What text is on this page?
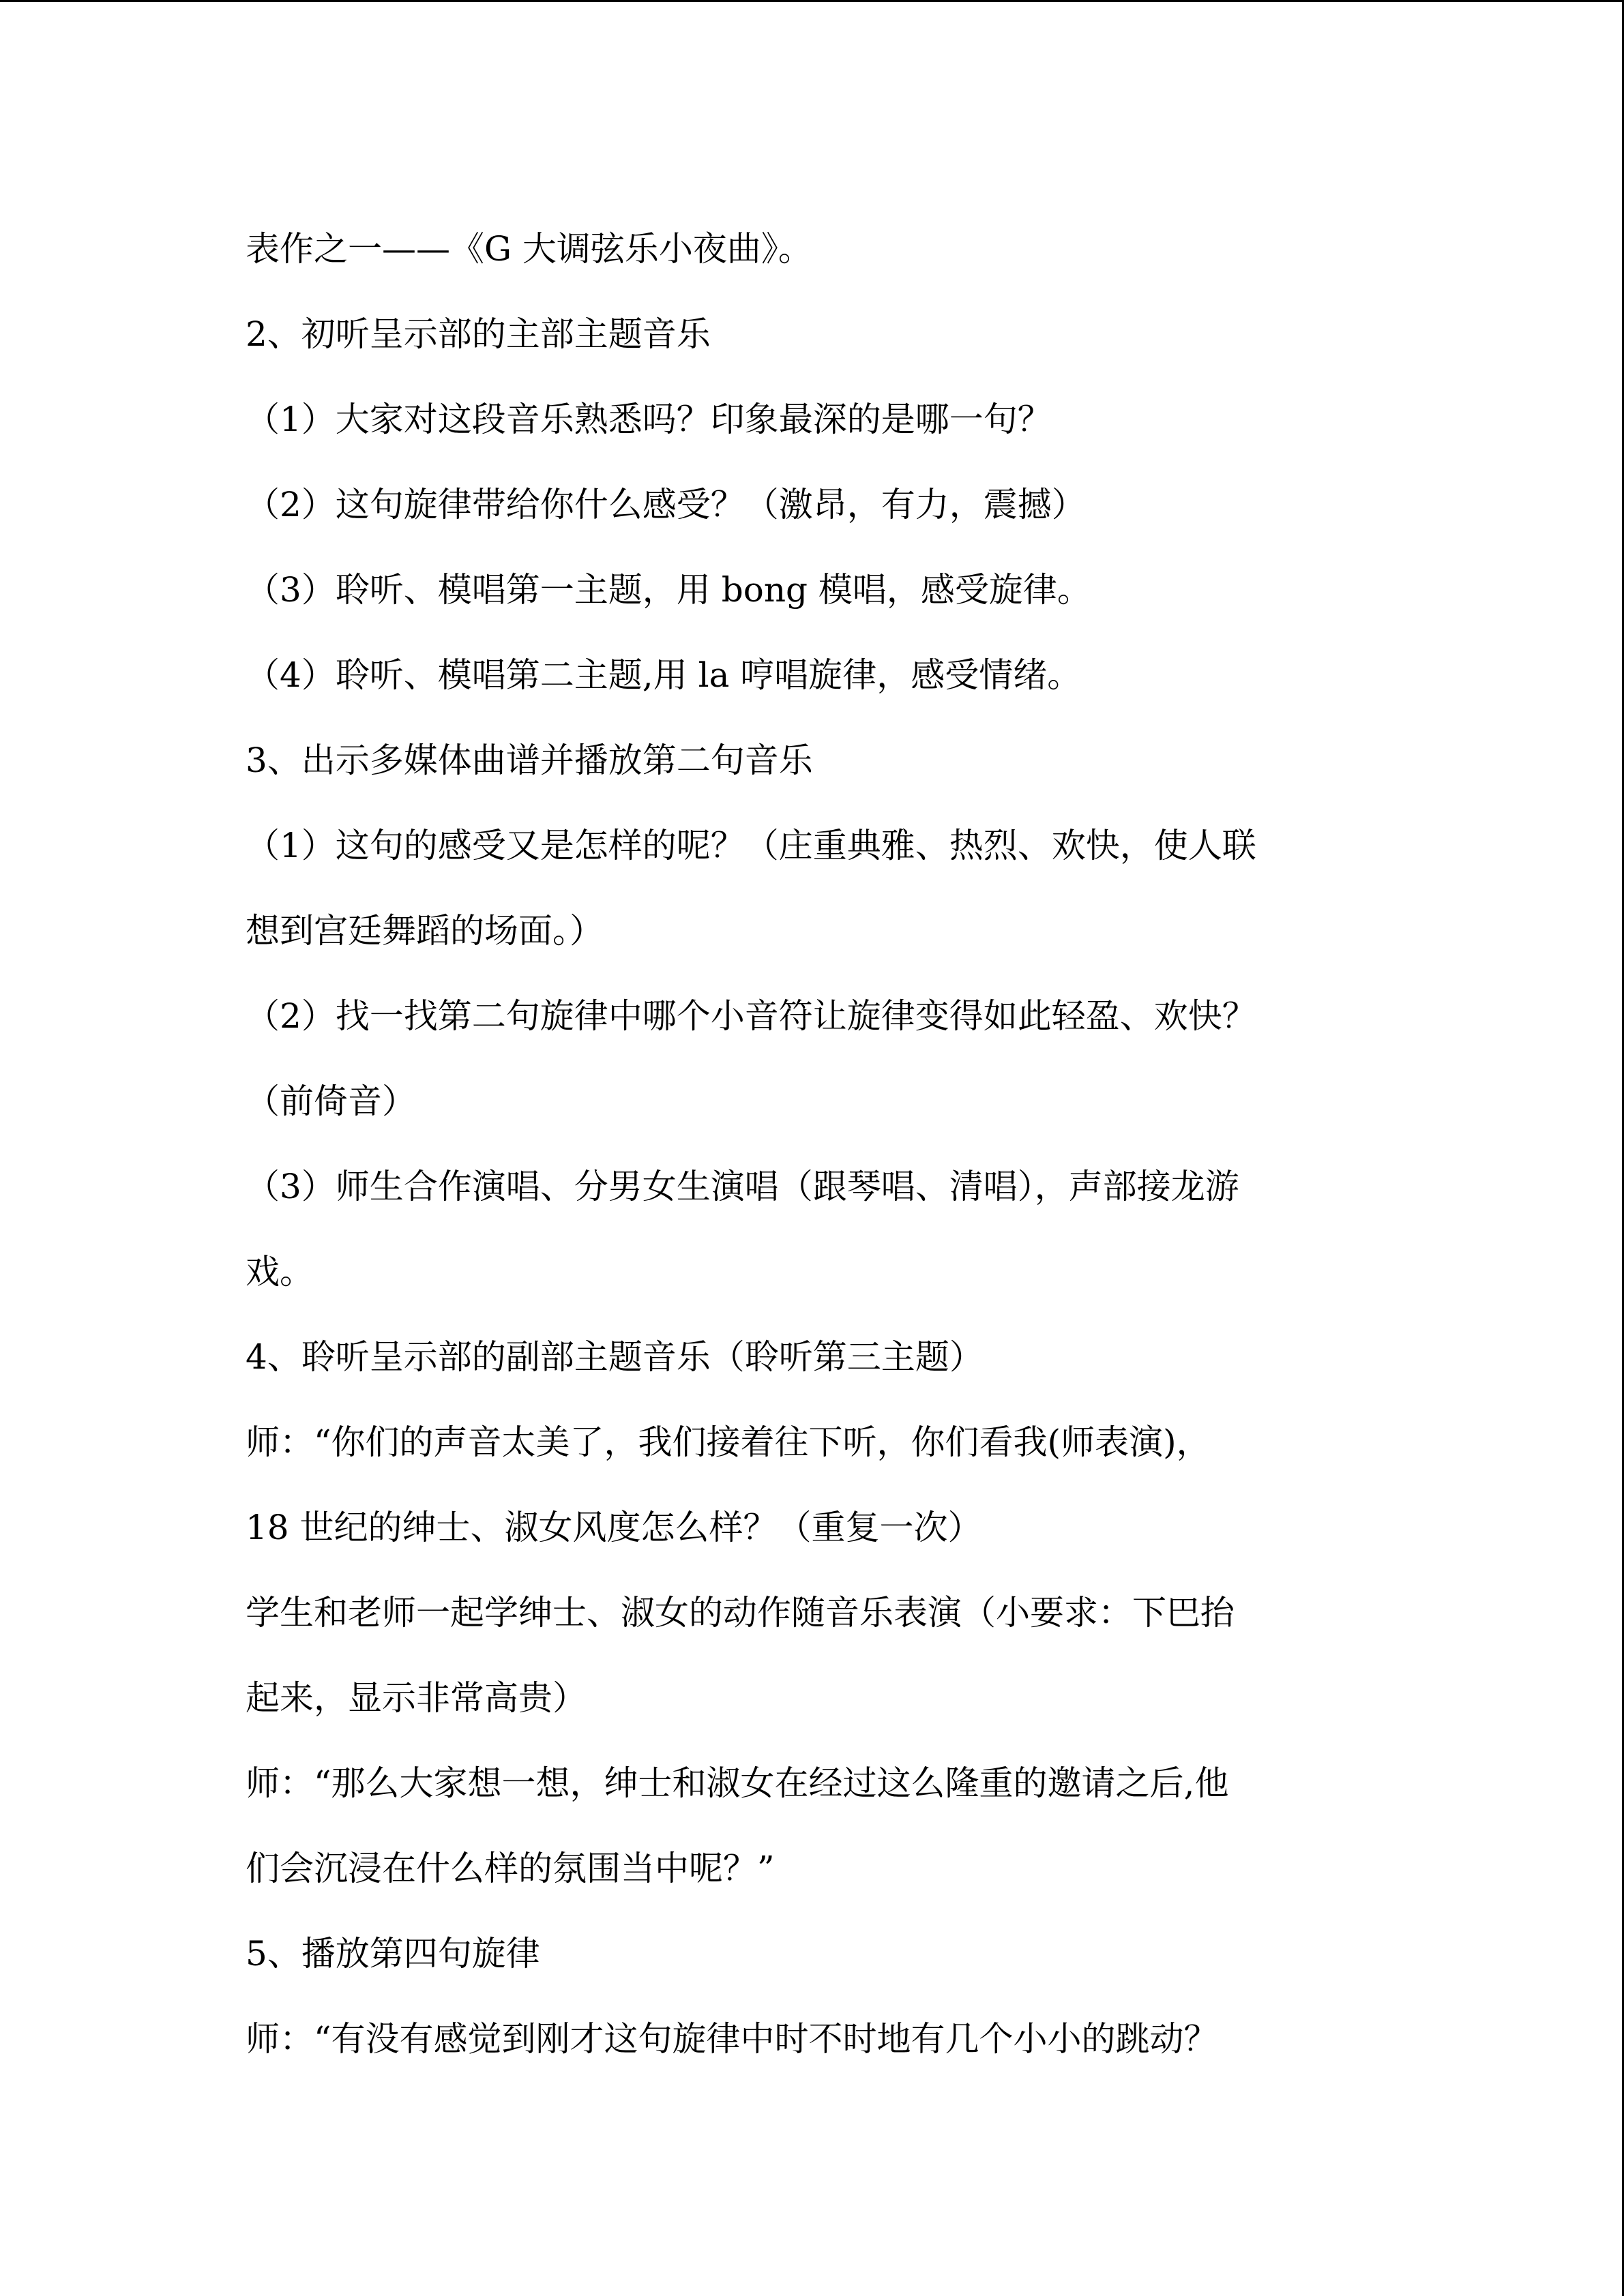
表作之一——《G 大调弦乐小夜曲》。

2、初听呈示部的主部主题音乐

（1）大家对这段音乐熟悉吗？印象最深的是哪一句？

（2）这句旋律带给你什么感受？（激昂，有力，震撼）

（3）聆听、模唱第一主题，用 bong 模唱，感受旋律。

（4）聆听、模唱第二主题,用 la 哼唱旋律，感受情绪。

3、出示多媒体曲谱并播放第二句音乐

（1）这句的感受又是怎样的呢？（庄重典雅、热烈、欢快，使人联

想到宫廷舞蹈的场面。）

（2）找一找第二句旋律中哪个小音符让旋律变得如此轻盈、欢快？

（前倚音）

（3）师生合作演唱、分男女生演唱（跟琴唱、清唱），声部接龙游

戏。

4、聆听呈示部的副部主题音乐（聆听第三主题）

师：“你们的声音太美了，我们接着往下听，你们看我(师表演)，

18 世纪的绅士、淑女风度怎么样？（重复一次）

学生和老师一起学绅士、淑女的动作随音乐表演（小要求：下巴抬

起来，显示非常高贵）

师：“那么大家想一想，绅士和淑女在经过这么隆重的邀请之后,他

们会沉浸在什么样的氛围当中呢？”

5、播放第四句旋律

师：“有没有感觉到刚才这句旋律中时不时地有几个小小的跳动？
